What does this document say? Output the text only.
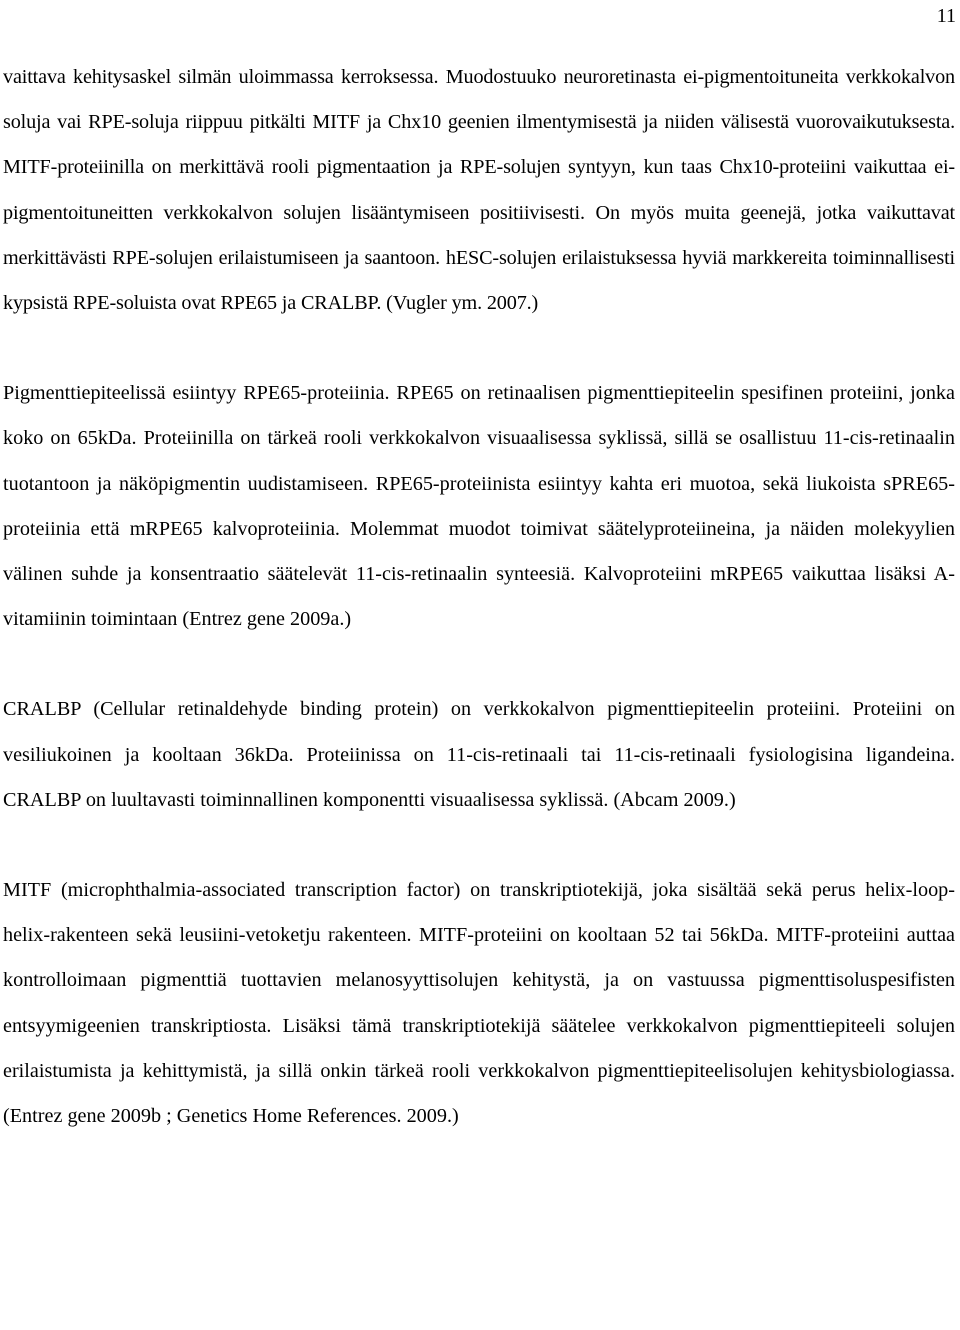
11

vaittava kehitysaskel silmän uloimmassa kerroksessa. Muodostuuko neuroretinasta ei-pigmentoituneita verkkokalvon soluja vai RPE-soluja riippuu pitkälti MITF ja Chx10 geenien ilmentymisestä ja niiden välisestä vuorovaikutuksesta. MITF-proteiinilla on merkittävä rooli pigmentaation ja RPE-solujen syntyyn, kun taas Chx10-proteiini vaikuttaa ei-pigmentoituneitten verkkokalvon solujen lisääntymiseen positiivisesti. On myös muita geenejä, jotka vaikuttavat merkittävästi RPE-solujen erilaistumiseen ja saantoon. hESC-solujen erilaistuksessa hyviä markkereita toiminnallisesti kypsistä RPE-soluista ovat RPE65 ja CRALBP. (Vugler ym. 2007.)

Pigmenttiepiteelissä esiintyy RPE65-proteiinia. RPE65 on retinaalisen pigmenttiepiteelin spesifinen proteiini, jonka koko on 65kDa. Proteiinilla on tärkeä rooli verkkokalvon visuaalisessa syklissä, sillä se osallistuu 11-cis-retinaalin tuotantoon ja näköpigmentin uudistamiseen. RPE65-proteiinista esiintyy kahta eri muotoa, sekä liukoista sPRE65-proteiinia että mRPE65 kalvoproteiinia. Molemmat muodot toimivat säätelyproteiineina, ja näiden molekyylien välinen suhde ja konsentraatio säätelevät 11-cis-retinaalin synteesiä. Kalvoproteiini mRPE65 vaikuttaa lisäksi A-vitamiinin toimintaan (Entrez gene 2009a.)

CRALBP (Cellular retinaldehyde binding protein) on verkkokalvon pigmenttiepiteelin proteiini. Proteiini on vesiliukoinen ja kooltaan 36kDa. Proteiinissa on 11-cis-retinaali tai 11-cis-retinaali fysiologisina ligandeina. CRALBP on luultavasti toiminnallinen komponentti visuaalisessa syklissä. (Abcam 2009.)

MITF (microphthalmia-associated transcription factor) on transkriptiotekijä, joka sisältää sekä perus helix-loop-helix-rakenteen sekä leusiini-vetoketju rakenteen. MITF-proteiini on kooltaan 52 tai 56kDa. MITF-proteiini auttaa kontrolloimaan pigmenttiä tuottavien melanosyyttisolujen kehitystä, ja on vastuussa pigmenttisoluspesifisten entsyymigeenien transkriptiosta. Lisäksi tämä transkriptiotekijä säätelee verkkokalvon pigmenttiepiteeli solujen erilaistumista ja kehittymistä, ja sillä onkin tärkeä rooli verkkokalvon pigmenttiepiteelisolujen kehitysbiologiassa. (Entrez gene 2009b ; Genetics Home References. 2009.)
